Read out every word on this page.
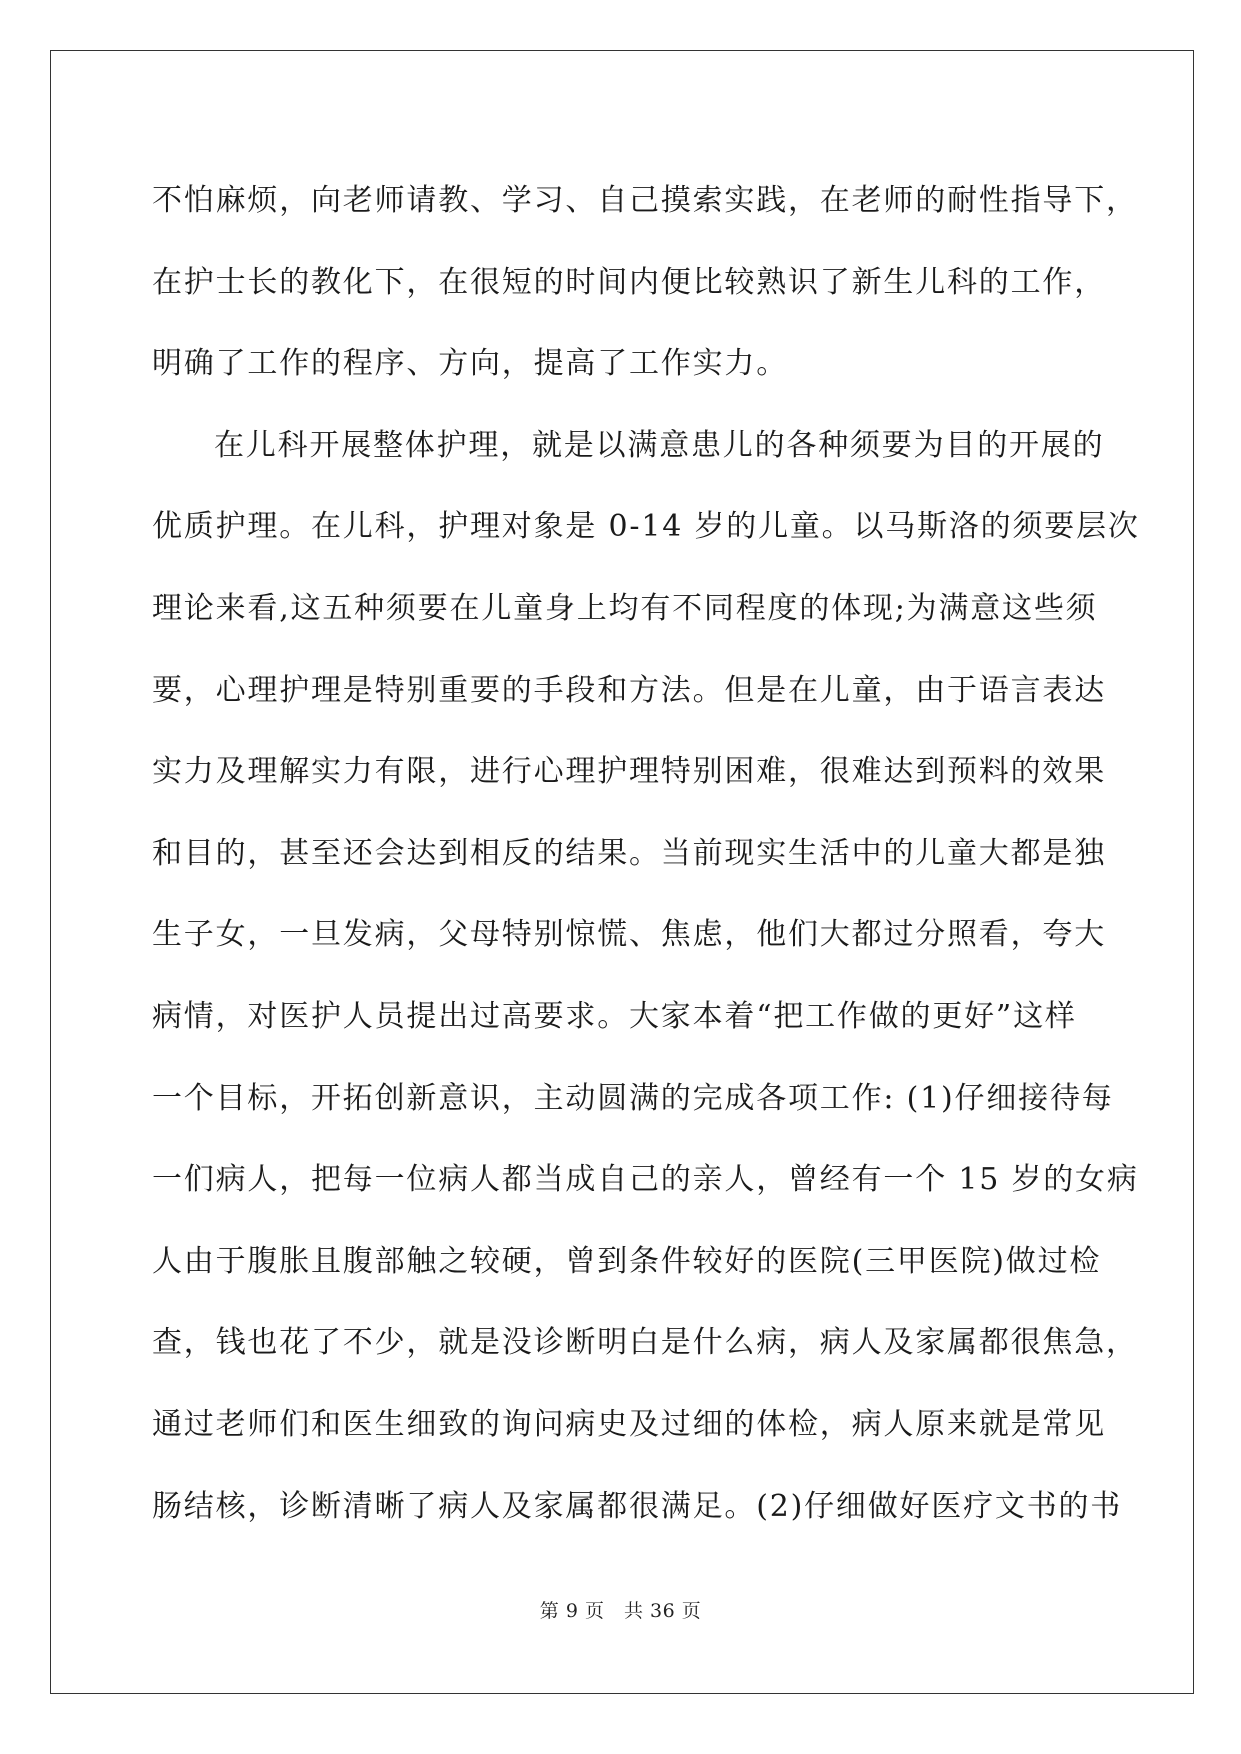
不怕麻烦，向老师请教、学习、自己摸索实践，在老师的耐性指导下，
在护士长的教化下，在很短的时间内便比较熟识了新生儿科的工作，
明确了工作的程序、方向，提高了工作实力。
在儿科开展整体护理，就是以满意患儿的各种须要为目的开展的
优质护理。在儿科，护理对象是 0-14 岁的儿童。以马斯洛的须要层次
理论来看,这五种须要在儿童身上均有不同程度的体现;为满意这些须
要，心理护理是特别重要的手段和方法。但是在儿童，由于语言表达
实力及理解实力有限，进行心理护理特别困难，很难达到预料的效果
和目的，甚至还会达到相反的结果。当前现实生活中的儿童大都是独
生子女，一旦发病，父母特别惊慌、焦虑，他们大都过分照看，夸大
病情，对医护人员提出过高要求。大家本着“把工作做的更好”这样
一个目标，开拓创新意识，主动圆满的完成各项工作: (1)仔细接待每
一们病人，把每一位病人都当成自己的亲人，曾经有一个 15 岁的女病
人由于腹胀且腹部触之较硬，曾到条件较好的医院(三甲医院)做过检
查，钱也花了不少，就是没诊断明白是什么病，病人及家属都很焦急，
通过老师们和医生细致的询问病史及过细的体检，病人原来就是常见
肠结核，诊断清晰了病人及家属都很满足。(2)仔细做好医疗文书的书
第 9 页　共 36 页
